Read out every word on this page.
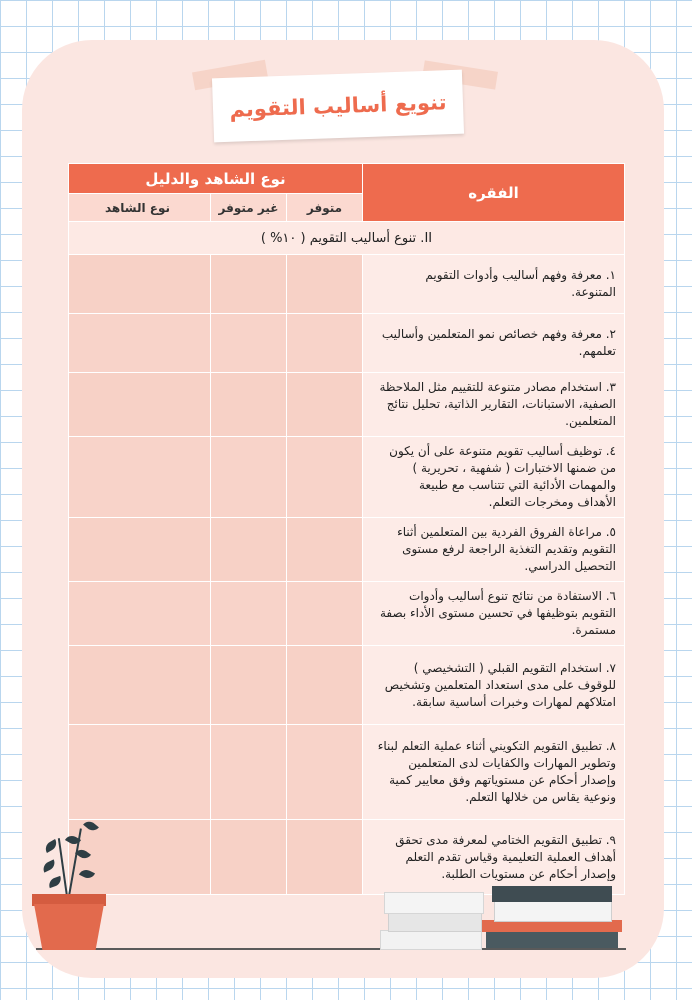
تنويع أساليب التقويم
الفقره	نوع الشاهد والدليل		
	متوفر	غير متوفر	نوع الشاهد
II. تنوع أساليب التقويم ( ١٠% )			
١. معرفة وفهم أساليب وأدوات التقويم المتنوعة.			
٢. معرفة وفهم خصائص نمو المتعلمين وأساليب تعلمهم.			
٣. استخدام مصادر متنوعة للتقييم مثل الملاحظة الصفية، الاستبانات، التقارير الذاتية، تحليل نتائج المتعلمين.			
٤. توظيف أساليب تقويم متنوعة على أن يكون من ضمنها الاختبارات ( شفهية ، تحريرية ) والمهمات الأدائية التي تتناسب مع طبيعة الأهداف ومخرجات التعلم.			
٥. مراعاة الفروق الفردية بين المتعلمين أثناء التقويم وتقديم التغذية الراجعة لرفع مستوى التحصيل الدراسي.			
٦. الاستفادة من نتائج تنوع أساليب وأدوات التقويم بتوظيفها في تحسين مستوى الأداء بصفة مستمرة.			
٧. استخدام التقويم القبلي ( التشخيصي ) للوقوف على مدى استعداد المتعلمين وتشخيص امتلاكهم لمهارات وخبرات أساسية سابقة.			
٨. تطبيق التقويم التكويني أثناء عملية التعلم لبناء وتطوير المهارات والكفايات لدى المتعلمين وإصدار أحكام عن مستوياتهم وفق معايير كمية ونوعية يقاس من خلالها التعلم.			
٩. تطبيق التقويم الختامي لمعرفة مدى تحقق أهداف العملية التعليمية وقياس تقدم التعلم وإصدار أحكام عن مستويات الطلبة.			
